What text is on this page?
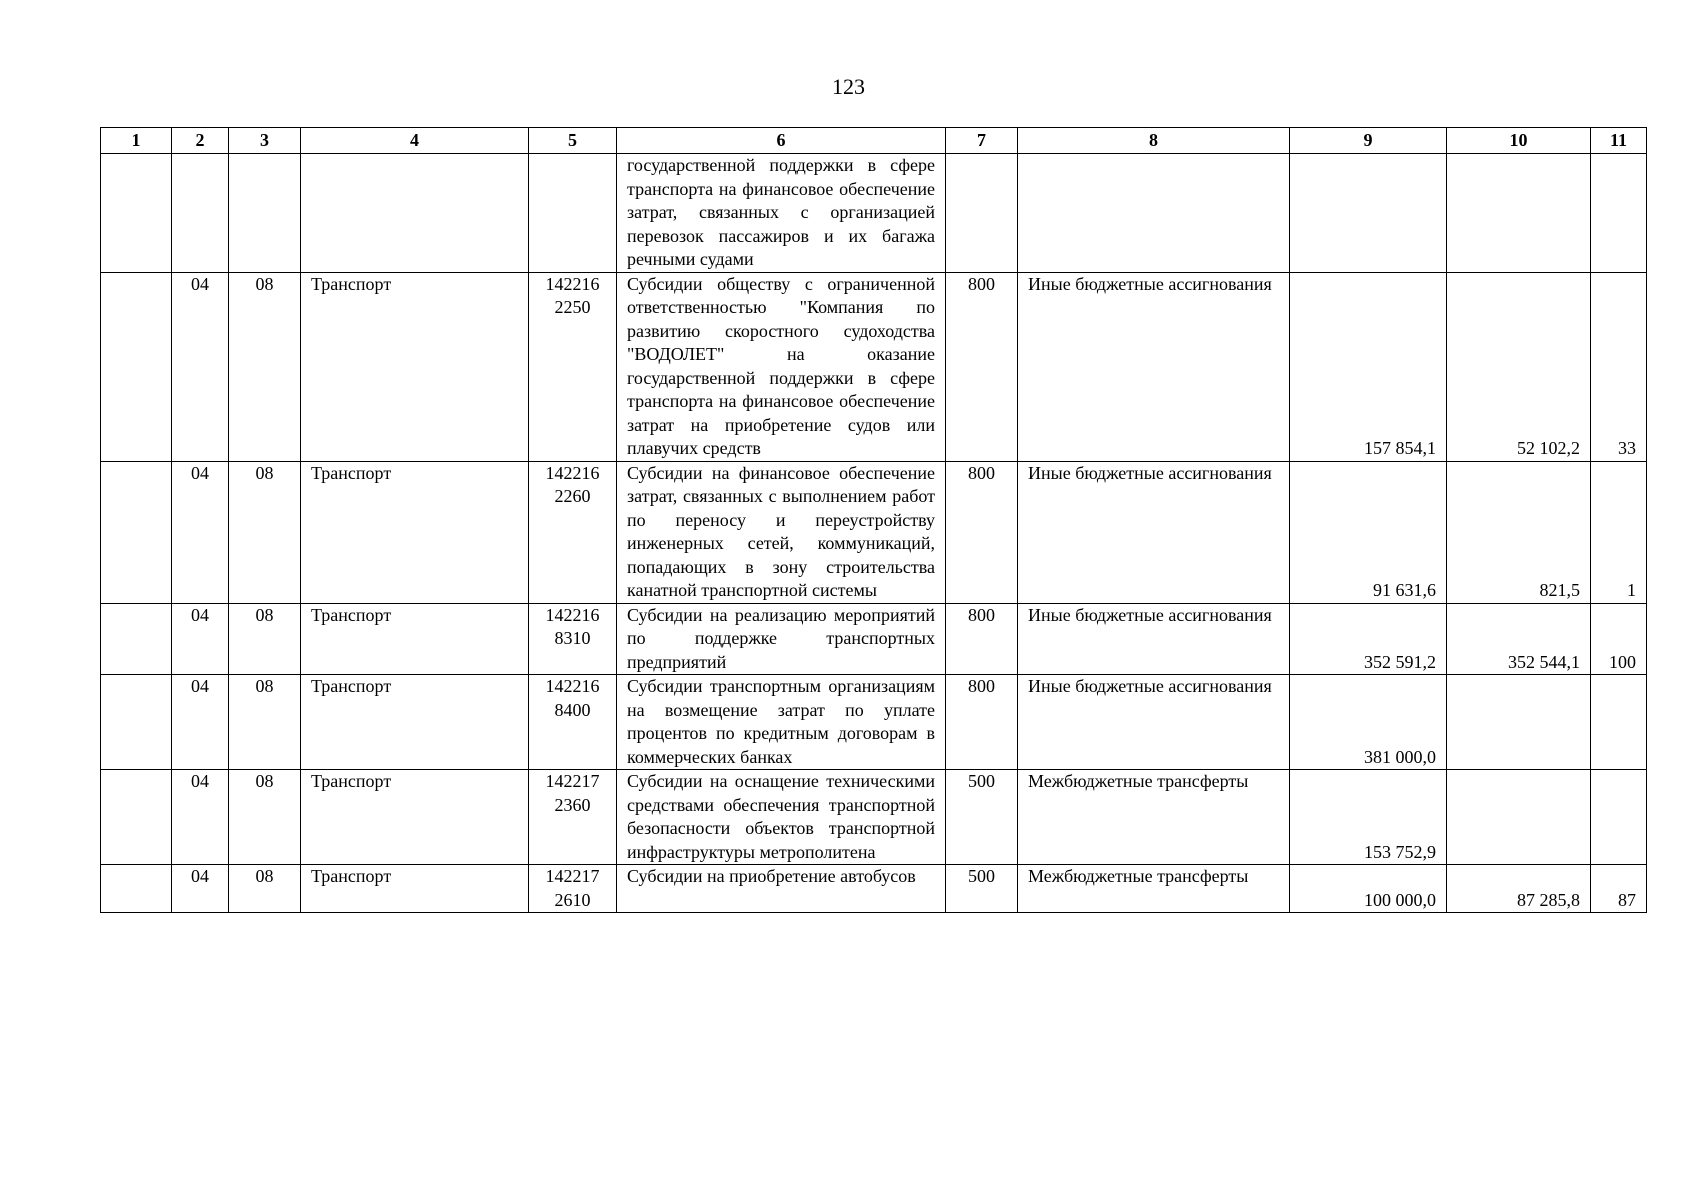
123
1	2	3	4	5	6	7	8	9	10	11
					государственной поддержки в сфере транспорта на финансовое обеспечение затрат, связанных с организацией перевозок пассажиров и их багажа речными судами					
	04	08	Транспорт	142216 2250	Субсидии обществу с ограниченной ответственностью "Компания по развитию скоростного судоходства "ВОДОЛЕТ" на оказание государственной поддержки в сфере транспорта на финансовое обеспечение затрат на приобретение судов или плавучих средств	800	Иные бюджетные ассигнования	157 854,1	52 102,2	33
	04	08	Транспорт	142216 2260	Субсидии на финансовое обеспечение затрат, связанных с выполнением работ по переносу и переустройству инженерных сетей, коммуникаций, попадающих в зону строительства канатной транспортной системы	800	Иные бюджетные ассигнования	91 631,6	821,5	1
	04	08	Транспорт	142216 8310	Субсидии на реализацию мероприятий по поддержке транспортных предприятий	800	Иные бюджетные ассигнования	352 591,2	352 544,1	100
	04	08	Транспорт	142216 8400	Субсидии транспортным организациям на возмещение затрат по уплате процентов по кредитным договорам в коммерческих банках	800	Иные бюджетные ассигнования	381 000,0		
	04	08	Транспорт	142217 2360	Субсидии на оснащение техническими средствами обеспечения транспортной безопасности объектов транспортной инфраструктуры метрополитена	500	Межбюджетные трансферты	153 752,9		
	04	08	Транспорт	142217 2610	Субсидии на приобретение автобусов	500	Межбюджетные трансферты	100 000,0	87 285,8	87
